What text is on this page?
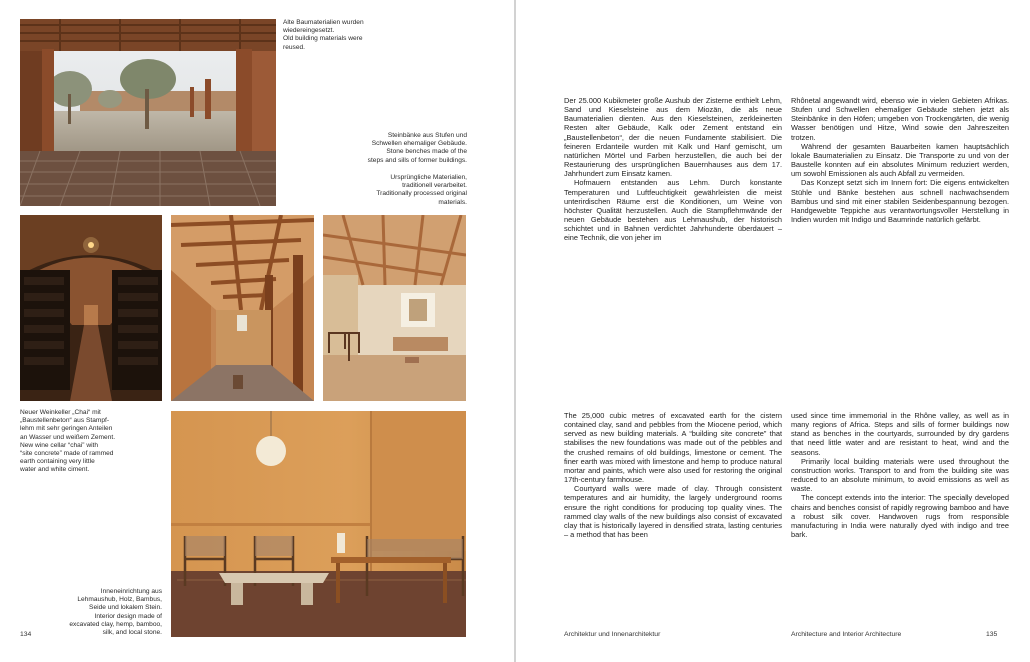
Alte Baumaterialien wurden
wiedereingesetzt.
Old building materials were
reused.
Steinbänke aus Stufen und
Schwellen ehemaliger Gebäude.
Stone benches made of the
steps and sills of former buildings.
Ursprüngliche Materialien,
traditionell verarbeitet.
Traditionally processed original
materials.
Neuer Weinkeller „Chai“ mit
„Baustellenbeton“ aus Stampf-
lehm mit sehr geringen Anteilen
an Wasser und weißem Zement.
New wine cellar “chai” with
“site concrete” made of rammed
earth containing very little
water and white ciment.
Inneneinrichtung aus
Lehmaushub, Holz, Bambus,
Seide und lokalem Stein.
Interior design made of
excavated clay, hemp, bamboo,
silk, and local stone.
134

Der 25.000 Kubikmeter große Aushub der Zisterne enthielt Lehm, Sand und Kieselsteine aus dem Miozän, die als neue Baumaterialien dienten. Aus den Kieselsteinen, zerkleinerten Resten alter Gebäude, Kalk oder Zement entstand ein „Baustellenbeton“, der die neuen Fundamente stabilisiert. Die feineren Erdanteile wurden mit Kalk und Hanf gemischt, um natürlichen Mörtel und Farben herzustellen, die auch bei der Restaurierung des ursprünglichen Bauernhauses aus dem 17. Jahrhundert zum Einsatz kamen.

Hofmauern entstanden aus Lehm. Durch konstante Temperaturen und Luftfeuchtigkeit gewährleisten die meist unterirdischen Räume erst die Konditionen, um Weine von höchster Qualität herzustellen. Auch die Stampflehmwände der neuen Gebäude bestehen aus Lehmaushub, der historisch schichtet und in Bahnen verdichtet Jahrhunderte überdauert – eine Technik, die von jeher im

Rhônetal angewandt wird, ebenso wie in vielen Gebieten Afrikas. Stufen und Schwellen ehemaliger Gebäude stehen jetzt als Steinbänke in den Höfen; umgeben von Trockengärten, die wenig Wasser benötigen und Hitze, Wind sowie den Jahreszeiten trotzen.

Während der gesamten Bauarbeiten kamen hauptsächlich lokale Baumaterialien zu Einsatz. Die Transporte zu und von der Baustelle konnten auf ein absolutes Minimum reduziert werden, um sowohl Emissionen als auch Abfall zu vermeiden.

Das Konzept setzt sich im Innern fort: Die eigens entwickelten Stühle und Bänke bestehen aus schnell nachwachsendem Bambus und sind mit einer stabilen Seidenbespannung bezogen. Handgewebte Teppiche aus verantwortungsvoller Herstellung in Indien wurden mit Indigo und Baumrinde natürlich gefärbt.

The 25,000 cubic metres of excavated earth for the cistern contained clay, sand and pebbles from the Miocene period, which served as new building materials. A “building site concrete” that stabilises the new foundations was made out of the pebbles and the crushed remains of old buildings, limestone or cement. The finer earth was mixed with limestone and hemp to produce natural mortar and paints, which were also used for restoring the original 17th-century farmhouse.

Courtyard walls were made of clay. Through consistent temperatures and air humidity, the largely underground rooms ensure the right conditions for producing top quality vines. The rammed clay walls of the new buildings also consist of excavated clay that is historically layered in densified strata, lasting centuries – a method that has been

used since time immemorial in the Rhône valley, as well as in many regions of Africa. Steps and sills of former buildings now stand as benches in the courtyards, surrounded by dry gardens that need little water and are resistant to heat, wind and the seasons.

Primarily local building materials were used throughout the construction works. Transport to and from the building site was reduced to an absolute minimum, to avoid emissions as well as waste.

The concept extends into the interior: The specially developed chairs and benches consist of rapidly regrowing bamboo and have a robust silk cover. Handwoven rugs from responsible manufacturing in India were naturally dyed with indigo and tree bark.

Architektur und Innenarchitektur	Architecture and Interior Architecture	135
